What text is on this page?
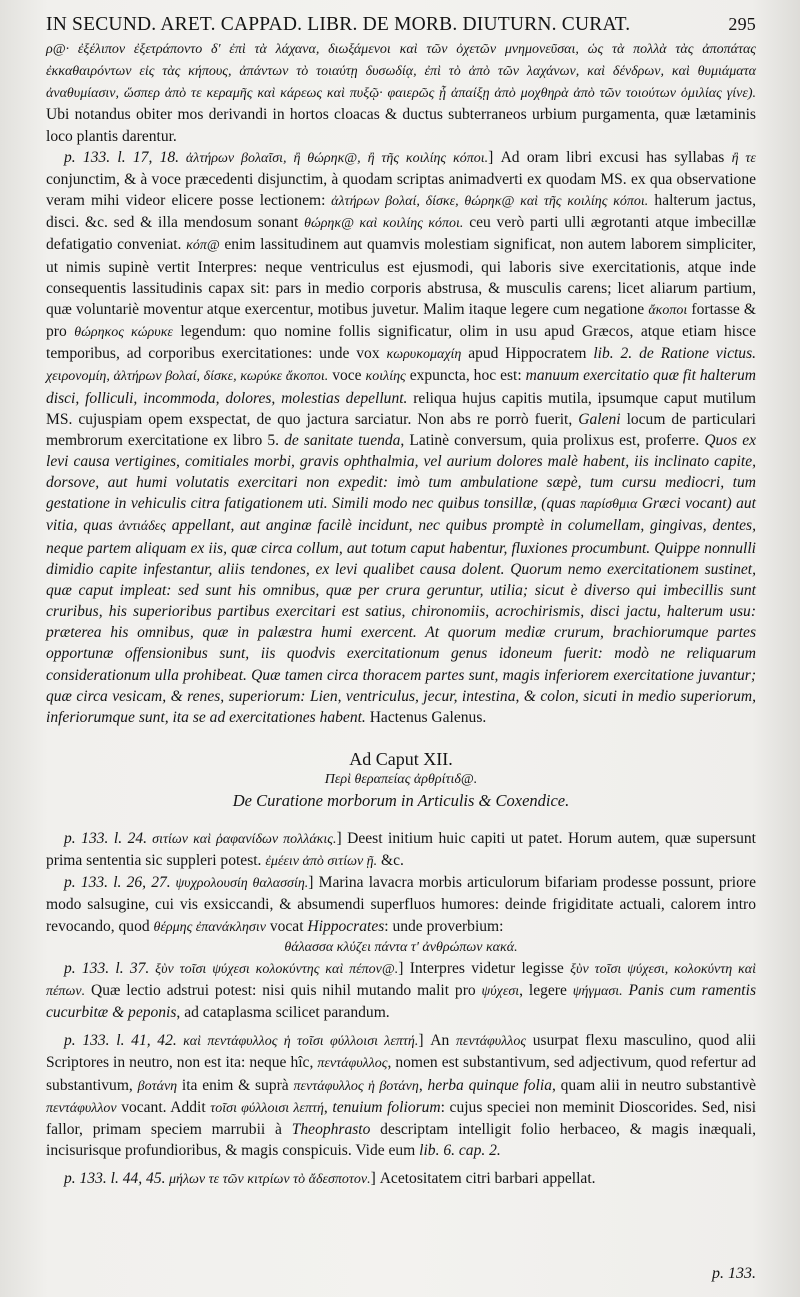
IN SECUND. ARET. CAPPAD. LIBR. DE MORB. DIUTURN. CURAT.	295

ρ@· ἐξέλιπον ἐξετράποντο δ' ἐπὶ τὰ λάχανα, διωξάμενοι καὶ τῶν ὀχετῶν μνημονεῦσαι, ὡς τὰ πολλὰ τὰς ἀποπάτας ἐκκαθαιρόντων εἰς τὰς κήπους, ἀπάντων τὸ τοιαύτῃ δυσωδίᾳ, ἐπὶ τὸ ἀπὸ τῶν λαχάνων, καὶ δένδρων, καὶ θυμιάματα ἀναθυμίασιν, ὥσπερ ἀπὸ τε κεραμῆς καὶ κάρεως καὶ πυξῷ· φαιερῶς ᾗ ἀπαίξῃ ἀπὸ μοχθηρὰ ἀπὸ τῶν τοιούτων ὁμιλίας γίνε). Ubi notandus obiter mos derivandi in hortos cloacas & ductus subterraneos urbium purgamenta, quæ lætaminis loco plantis darentur.

p. 133. l. 17, 18. ἀλτήρων βολαῖσι, ἢ θώρηκ@, ἢ τῆς κοιλίης κόποι.] Ad oram libri excusi has syllabas ἢ τε conjunctim, & à voce præcedenti disjunctim, à quodam scriptas animadverti ex quodam MS. ex qua observatione veram mihi videor elicere posse lectionem: ἀλτήρων βολαί, δίσκε, θώρηκ@ καὶ τῆς κοιλίης κόποι. halterum jactus, disci. &c. sed & illa mendosum sonant θώρηκ@ καὶ κοιλίης κόποι. ceu verò parti ulli ægrotanti atque imbecillæ defatigatio conveniat. κόπ@ enim lassitudinem aut quamvis molestiam significat, non autem laborem simpliciter, ut nimis supinè vertit Interpres: neque ventriculus est ejusmodi, qui laboris sive exercitationis, atque inde consequentis lassitudinis capax sit: pars in medio corporis abstrusa, & musculis carens; licet aliarum partium, quæ voluntariè moventur atque exercentur, motibus juvetur. Malim itaque legere cum negatione ἄκοποι fortasse & pro θώρηκος κώρυκε legendum: quo nomine follis significatur, olim in usu apud Græcos, atque etiam hisce temporibus, ad corporibus exercitationes: unde vox κωρυκομαχίη apud Hippocratem lib. 2. de Ratione victus. χειρονομίη, ἀλτήρων βολαί, δίσκε, κωρύκε ἄκοποι. voce κοιλίης expuncta, hoc est: manuum exercitatio quæ fit halterum disci, folliculi, incommoda, dolores, molestias depellunt. reliqua hujus capitis mutila, ipsumque caput mutilum MS. cujuspiam opem exspectat, de quo jactura sarciatur. Non abs re porrò fuerit, Galeni locum de particulari membrorum exercitatione ex libro 5. de sanitate tuenda, Latinè conversum, quia prolixus est, proferre. Quos ex levi causa vertigines, comitiales morbi, gravis ophthalmia, vel aurium dolores malè habent, iis inclinato capite, dorsove, aut humi volutatis exercitari non expedit: imò tum ambulatione sæpè, tum cursu mediocri, tum gestatione in vehiculis citra fatigationem uti. Simili modo nec quibus tonsillæ, (quas παρίσθμια Græci vocant) aut vitia, quas ἀντιάδες appellant, aut anginæ facilè incidunt, nec quibus promptè in columellam, gingivas, dentes, neque partem aliquam ex iis, quæ circa collum, aut totum caput habentur, fluxiones procumbunt. Quippe nonnulli dimidio capite infestantur, aliis tendones, ex levi qualibet causa dolent. Quorum nemo exercitationem sustinet, quæ caput impleat: sed sunt his omnibus, quæ per crura geruntur, utilia; sicut è diverso qui imbecillis sunt cruribus, his superioribus partibus exercitari est satius, chironomiis, acrochirismis, disci jactu, halterum usu: præterea his omnibus, quæ in palæstra humi exercent. At quorum mediæ crurum, brachiorumque partes opportunæ offensionibus sunt, iis quodvis exercitationum genus idoneum fuerit: modò ne reliquarum considerationum ulla prohibeat. Quæ tamen circa thoracem partes sunt, magis inferiorem exercitatione juvantur; quæ circa vesicam, & renes, superiorum: Lien, ventriculus, jecur, intestina, & colon, sicuti in medio superiorum, inferiorumque sunt, ita se ad exercitationes habent. Hactenus Galenus.

Ad Caput XII.
Περὶ θεραπείας ἀρθρίτιδ@.
De Curatione morborum in Articulis & Coxendice.

p. 133. l. 24. σιτίων καὶ ῥαφανίδων πολλάκις.] Deest initium huic capiti ut patet. Horum autem, quæ supersunt prima sententia sic suppleri potest. ἐμέειν ἀπὸ σιτίων ῇ. &c.

p. 133. l. 26, 27. ψυχρολουσίη θαλασσίη.] Marina lavacra morbis articulorum bifariam prodesse possunt, priore modo salsugine, cui vis exsiccandi, & absumendi superfluos humores: deinde frigiditate actuali, calorem intro revocando, quod θέρμης ἐπανάκλησιν vocat Hippocrates: unde proverbium:

θάλασσα κλύζει πάντα τ' ἀνθρώπων κακά.

p. 133. l. 37. ξὺν τοῖσι ψύχεσι κολοκύντης καὶ πέπον@.] Interpres videtur legisse ξὺν τοῖσι ψύχεσι, κολοκύντη καὶ πέπων. Quæ lectio adstrui potest: nisi quis nihil mutando malit pro ψύχεσι, legere ψήγμασι. Panis cum ramentis cucurbitæ & peponis, ad cataplasma scilicet parandum.

p. 133. l. 41, 42. καὶ πεντάφυλλος ἡ τοῖσι φύλλοισι λεπτή.] An πεντάφυλλος usurpat flexu masculino, quod alii Scriptores in neutro, non est ita: neque hîc, πεντάφυλλος, nomen est substantivum, sed adjectivum, quod refertur ad substantivum, βοτάνη ita enim & suprà πεντάφυλλος ἡ βοτάνη, herba quinque folia, quam alii in neutro substantivè πεντάφυλλον vocant. Addit τοῖσι φύλλοισι λεπτή, tenuium foliorum: cujus speciei non meminit Dioscorides. Sed, nisi fallor, primam speciem marrubii à Theophrasto descriptam intelligit folio herbaceo, & magis inæquali, incisurisque profundioribus, & magis conspicuis. Vide eum lib. 6. cap. 2.

p. 133. l. 44, 45. μήλων τε τῶν κιτρίων τὸ ἄδεσποτον.] Acetositatem citri barbari appellat.

p. 133.
